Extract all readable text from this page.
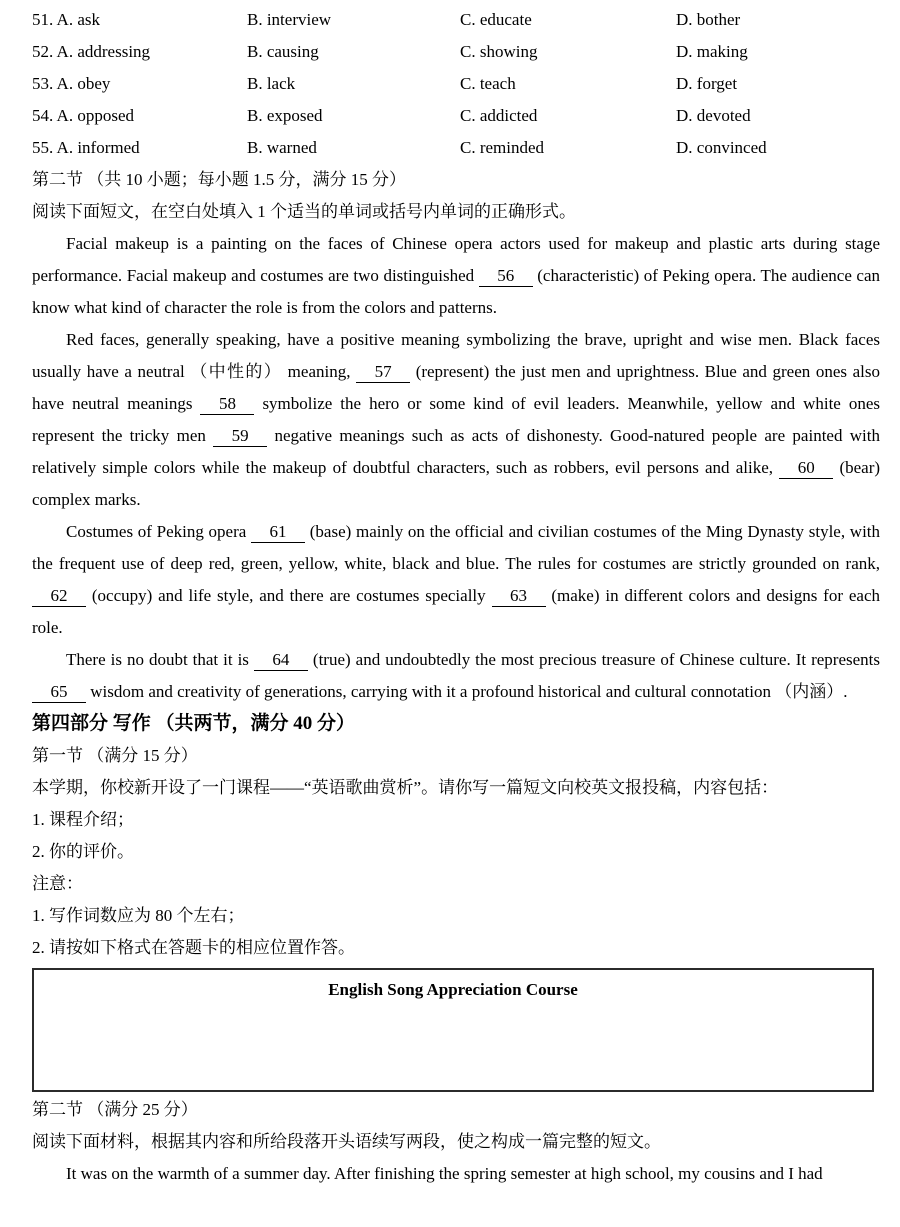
51. A. ask	B. interview	C. educate	D. bother
52. A. addressing	B. causing	C. showing	D. making
53. A. obey	B. lack	C. teach	D. forget
54. A. opposed	B. exposed	C. addicted	D. devoted
55. A. informed	B. warned	C. reminded	D. convinced
第二节 （共 10 小题；每小题 1.5 分，满分 15 分）
阅读下面短文，在空白处填入 1 个适当的单词或括号内单词的正确形式。

Facial makeup is a painting on the faces of Chinese opera actors used for makeup and plastic arts during stage performance. Facial makeup and costumes are two distinguished 56 (characteristic) of Peking opera. The audience can know what kind of character the role is from the colors and patterns.

Red faces, generally speaking, have a positive meaning symbolizing the brave, upright and wise men. Black faces usually have a neutral （中性的） meaning, 57 (represent) the just men and uprightness. Blue and green ones also have neutral meanings 58 symbolize the hero or some kind of evil leaders. Meanwhile, yellow and white ones represent the tricky men 59 negative meanings such as acts of dishonesty. Good-natured people are painted with relatively simple colors while the makeup of doubtful characters, such as robbers, evil persons and alike, 60 (bear) complex marks.

Costumes of Peking opera 61 (base) mainly on the official and civilian costumes of the Ming Dynasty style, with the frequent use of deep red, green, yellow, white, black and blue. The rules for costumes are strictly grounded on rank, 62 (occupy) and life style, and there are costumes specially 63 (make) in different colors and designs for each role.

There is no doubt that it is 64 (true) and undoubtedly the most precious treasure of Chinese culture. It represents 65 wisdom and creativity of generations, carrying with it a profound historical and cultural connotation （内涵）.

第四部分 写作 （共两节，满分 40 分）
第一节 （满分 15 分）
本学期，你校新开设了一门课程——“英语歌曲赏析”。请你写一篇短文向校英文报投稿，内容包括：
1. 课程介绍；
2. 你的评价。
注意：
1. 写作词数应为 80 个左右；
2. 请按如下格式在答题卡的相应位置作答。
English Song Appreciation Course
第二节 （满分 25 分）
阅读下面材料，根据其内容和所给段落开头语续写两段，使之构成一篇完整的短文。

It was on the warmth of a summer day. After finishing the spring semester at high school, my cousins and I had
